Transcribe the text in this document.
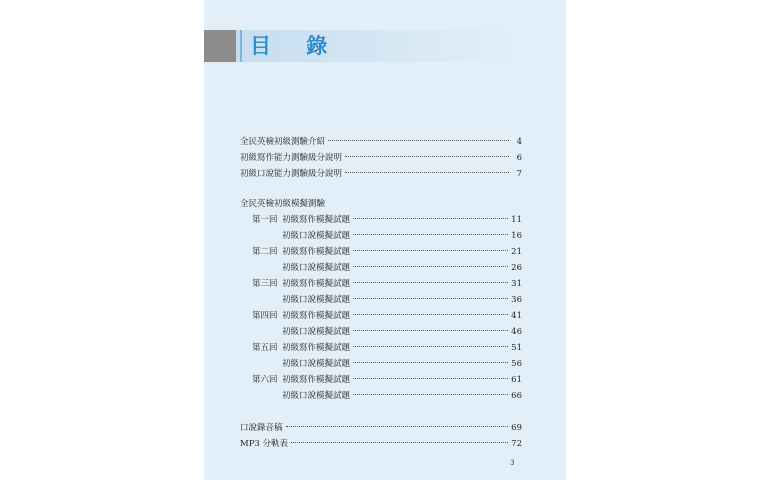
目 錄
全民英檢初級測驗介紹	4
初級寫作能力測驗級分說明	6
初級口說能力測驗級分說明	7
全民英檢初級模擬測驗
第一回 初級寫作模擬試題	11
初級口說模擬試題	16
第二回 初級寫作模擬試題	21
初級口說模擬試題	26
第三回 初級寫作模擬試題	31
初級口說模擬試題	36
第四回 初級寫作模擬試題	41
初級口說模擬試題	46
第五回 初級寫作模擬試題	51
初級口說模擬試題	56
第六回 初級寫作模擬試題	61
初級口說模擬試題	66
口說錄音稿	69
MP3 分軌表	72
3
